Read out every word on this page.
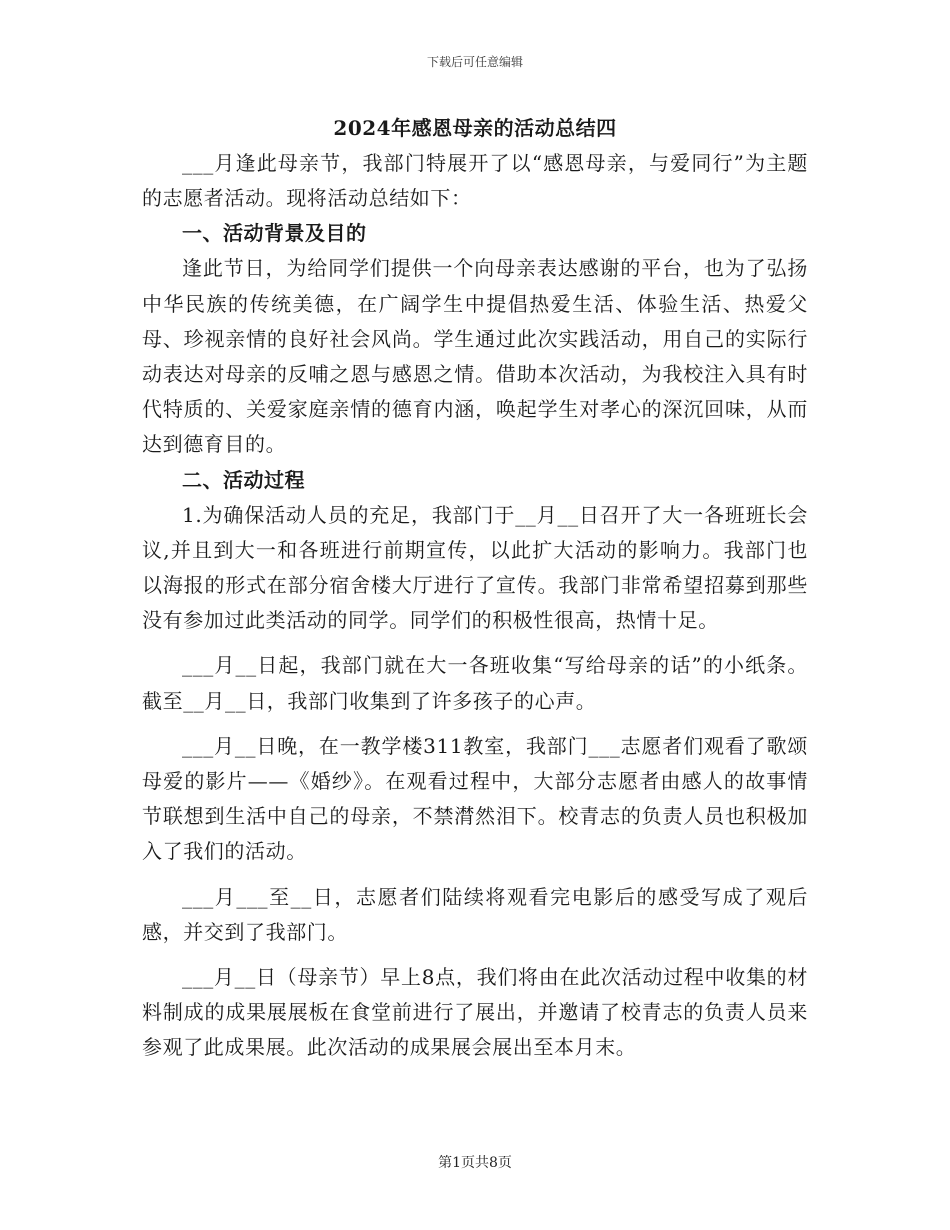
下载后可任意编辑
2024年感恩母亲的活动总结四

___月逢此母亲节，我部门特展开了以“感恩母亲，与爱同行”为主题的志愿者活动。现将活动总结如下：

一、活动背景及目的

逢此节日，为给同学们提供一个向母亲表达感谢的平台，也为了弘扬中华民族的传统美德，在广阔学生中提倡热爱生活、体验生活、热爱父母、珍视亲情的良好社会风尚。学生通过此次实践活动，用自己的实际行动表达对母亲的反哺之恩与感恩之情。借助本次活动，为我校注入具有时代特质的、关爱家庭亲情的德育内涵，唤起学生对孝心的深沉回味，从而达到德育目的。

二、活动过程

1.为确保活动人员的充足，我部门于__月__日召开了大一各班班长会议,并且到大一和各班进行前期宣传，以此扩大活动的影响力。我部门也以海报的形式在部分宿舍楼大厅进行了宣传。我部门非常希望招募到那些没有参加过此类活动的同学。同学们的积极性很高，热情十足。

___月__日起，我部门就在大一各班收集“写给母亲的话”的小纸条。截至__月__日，我部门收集到了许多孩子的心声。

___月__日晚，在一教学楼311教室，我部门___志愿者们观看了歌颂母爱的影片——《婚纱》。在观看过程中，大部分志愿者由感人的故事情节联想到生活中自己的母亲，不禁潸然泪下。校青志的负责人员也积极加入了我们的活动。

___月___至__日，志愿者们陆续将观看完电影后的感受写成了观后感，并交到了我部门。

___月__日（母亲节）早上8点，我们将由在此次活动过程中收集的材料制成的成果展展板在食堂前进行了展出，并邀请了校青志的负责人员来参观了此成果展。此次活动的成果展会展出至本月末。

第1页共8页
